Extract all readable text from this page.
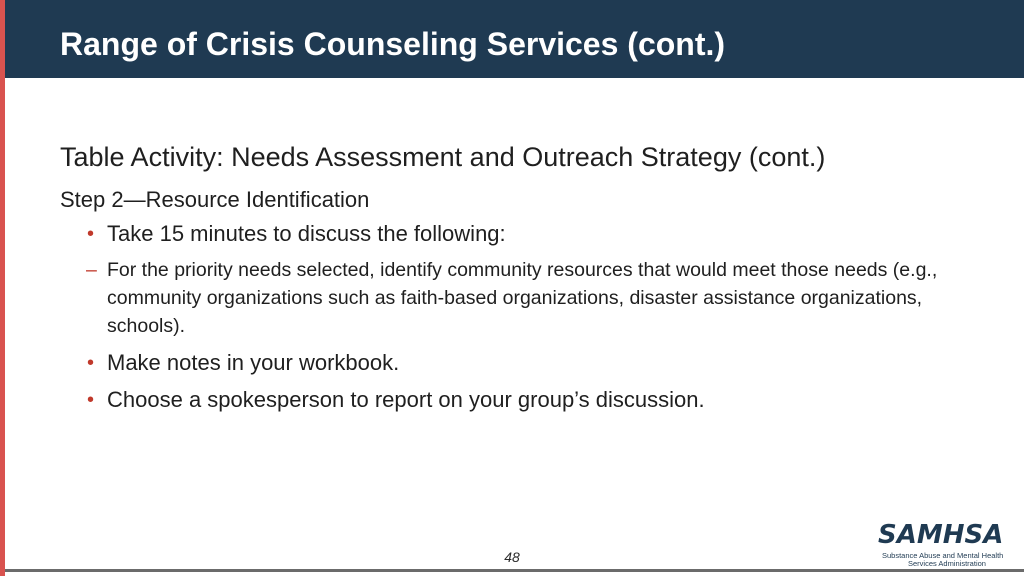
Range of Crisis Counseling Services (cont.)

Table Activity: Needs Assessment and Outreach Strategy (cont.)

Step 2—Resource Identification

• Take 15 minutes to discuss the following:
– For the priority needs selected, identify community resources that would meet those needs (e.g., community organizations such as faith-based organizations, disaster assistance organizations, schools).
• Make notes in your workbook.
• Choose a spokesperson to report on your group’s discussion.
48
SAMHSA
Substance Abuse and Mental Health
Services Administration
